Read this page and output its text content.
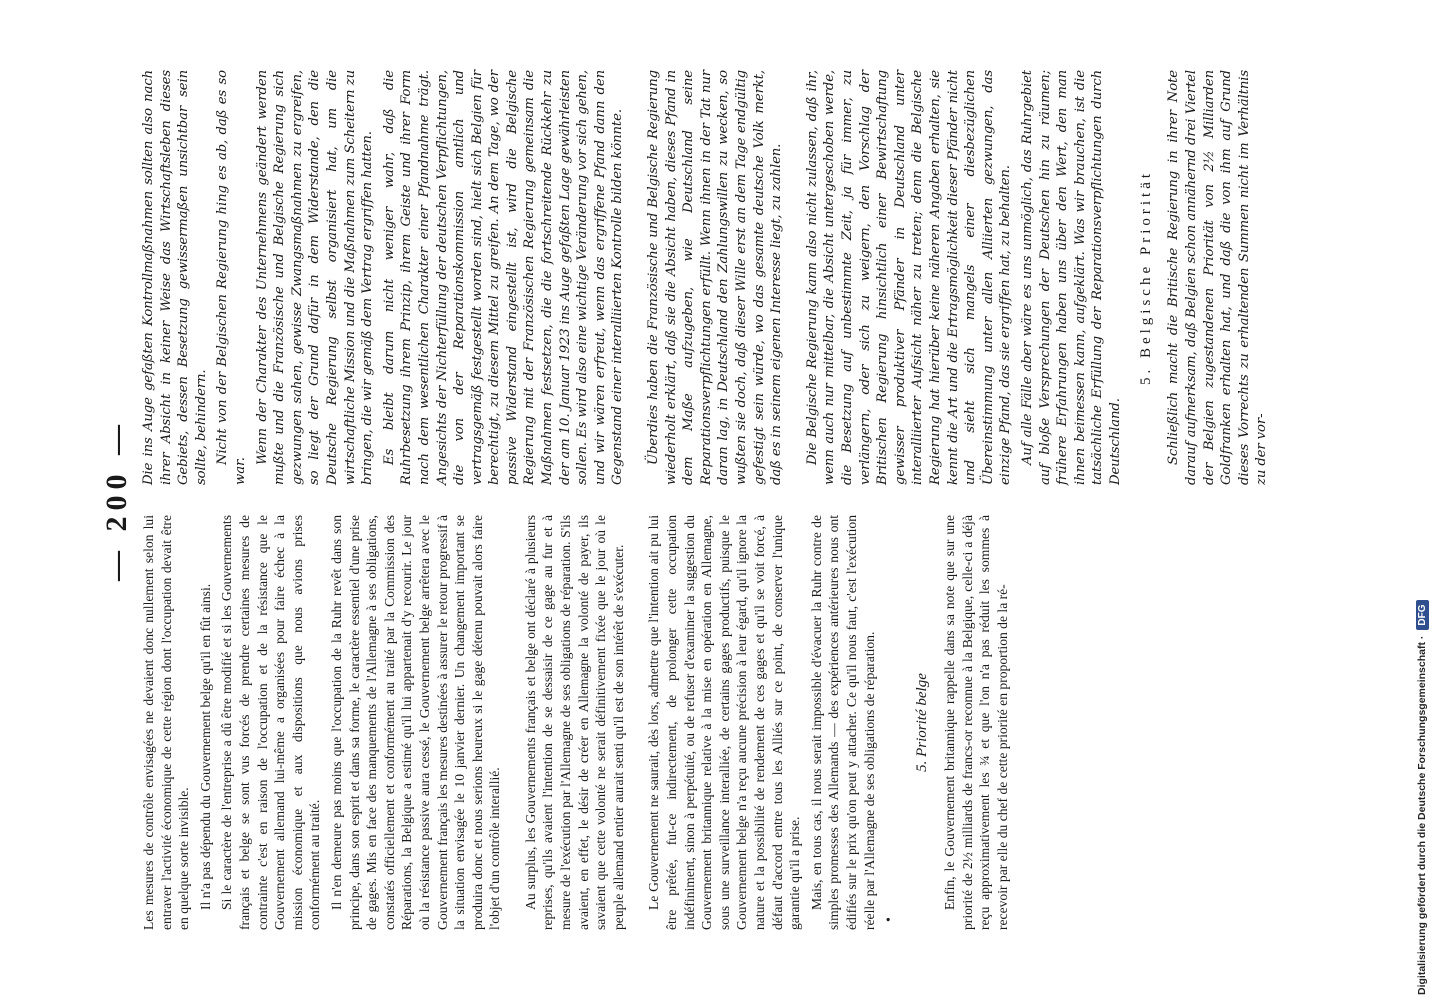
— 200 —

Les mesures de contrôle envisagées ne devaient donc nullement selon lui entraver l'activité économique de cette région dont l'occupation devait être en quelque sorte invisible. Il n'a pas dépendu du Gouvernement belge qu'il en fût ainsi. Si le caractère de l'entreprise a dû être modifié et si les Gouvernements français et belge se sont vus forcés de prendre certaines mesures de contrainte c'est en raison de l'occupation et de la résistance que le Gouvernement allemand lui-même a organisées pour faire échec à la mission économique et aux dispositions que nous avions prises conformément au traité. Il n'en demeure pas moins que l'occupation de la Ruhr revêt dans son principe, dans son esprit et dans sa forme, le caractère essentiel d'une prise de gages. Mis en face des manquements de l'Allemagne à ses obligations, constatés officiellement et conformément au traité par la Commission des Réparations, la Belgique a estimé qu'il lui appartenait d'y recourir. Le jour où la résistance passive aura cessé, le Gouvernement belge arrêtera avec le Gouvernement français les mesures destinées à assurer le retour progressif à la situation envisagée le 10 janvier dernier. Un changement important se produira donc et nous serions heureux si le gage détenu pouvait alors faire l'objet d'un contrôle interallié. Au surplus, les Gouvernements français et belge ont déclaré à plusieurs reprises, qu'ils avaient l'intention de se dessaisir de ce gage au fur et à mesure de l'exécution par l'Allemagne de ses obligations de réparation. S'ils avaient, en effet, le désir de créer en Allemagne la volonté de payer, ils savaient que cette volonté ne serait définitivement fixée que le jour où le peuple allemand entier aurait senti qu'il est de son intérêt de s'exécuter. Le Gouvernement ne saurait, dès lors, admettre que l'intention ait pu lui être prêtée, fut-ce indirectement, de prolonger cette occupation indéfiniment, sinon à perpétuité, ou de refuser d'examiner la suggestion du Gouvernement britannique relative à la mise en opération en Allemagne, sous une surveillance interalliée, de certains gages productifs, puisque le Gouvernement belge n'a reçu aucune précision à leur égard, qu'il ignore la nature et la possibilité de rendement de ces gages et qu'il se voit forcé, à défaut d'accord entre tous les Alliés sur ce point, de conserver l'unique garantie qu'il a prise. Mais, en tous cas, il nous serait impossible d'évacuer la Ruhr contre de simples promesses des Allemands — des expériences antérieures nous ont édifiés sur le prix qu'on peut y attacher. Ce qu'il nous faut, c'est l'exécution réelle par l'Allemagne de ses obligations de réparation. •
5. Priorité belge Enfin, le Gouvernement britannique rappelle dans sa note que sur une priorité de 2½ milliards de francs-or reconnue à la Belgique, celle-ci a déjà reçu approximativement les ¾ et que l'on n'a pas réduit les sommes à recevoir par elle du chef de cette priorité en proportion de la ré-

Die ins Auge gefaßten Kontrollmaßnahmen sollten also nach ihrer Absicht in keiner Weise das Wirtschaftsleben dieses Gebiets, dessen Besetzung gewissermaßen unsichtbar sein sollte, behindern. Nicht von der Belgischen Regierung hing es ab, daß es so war.

Wenn der Charakter des Unternehmens geändert werden mußte und die Französische und Belgische Regierung sich gezwungen sahen, gewisse Zwangsmaßnahmen zu ergreifen, so liegt der Grund dafür in dem Widerstande, den die Deutsche Regierung selbst organisiert hat, um die wirtschaftliche Mission und die Maßnahmen zum Scheitern zu bringen, die wir gemäß dem Vertrag ergriffen hatten. Es bleibt darum nicht weniger wahr, daß die Ruhrbesetzung ihrem Prinzip, ihrem Geiste und ihrer Form nach dem wesentlichen Charakter einer Pfandnahme trägt. Angesichts der Nichterfüllung der deutschen Verpflichtungen, die von der Reparationskommission amtlich und vertragsgemäß festgestellt worden sind, hielt sich Belgien für berechtigt, zu diesem Mittel zu greifen. An dem Tage, wo der passive Widerstand eingestellt ist, wird die Belgische Regierung mit der Französischen Regierung gemeinsam die Maßnahmen festsetzen, die die fortschreitende Rückkehr zu der am 10. Januar 1923 ins Auge gefaßten Lage gewährleisten sollen. Es wird also eine wichtige Veränderung vor sich gehen, und wir wären erfreut, wenn das ergriffene Pfand dann den Gegenstand einer interalliierten Kontrolle bilden könnte. Überdies haben die Französische und Belgische Regierung wiederholt erklärt, daß sie die Absicht haben, dieses Pfand in dem Maße aufzugeben, wie Deutschland seine Reparationsverpflichtungen erfüllt. Wenn ihnen in der Tat nur daran lag, in Deutschland den Zahlungswillen zu wecken, so wußten sie doch, daß dieser Wille erst an dem Tage endgültig gefestigt sein würde, wo das gesamte deutsche Volk merkt, daß es in seinem eigenen Interesse liegt, zu zahlen. Die Belgische Regierung kann also nicht zulassen, daß ihr, wenn auch nur mittelbar, die Absicht untergeschoben werde, die Besetzung auf unbestimmte Zeit, ja für immer, zu verlängern, oder sich zu weigern, den Vorschlag der Britischen Regierung hinsichtlich einer Bewirtschaftung gewisser produktiver Pfänder in Deutschland unter interalliierter Aufsicht näher zu treten; denn die Belgische Regierung hat hierüber keine näheren Angaben erhalten, sie kennt die Art und die Ertragsmöglichkeit dieser Pfänder nicht und sieht sich mangels einer diesbezüglichen Übereinstimmung unter allen Alliierten gezwungen, das einzige Pfand, das sie ergriffen hat, zu behalten. Auf alle Fälle aber wäre es uns unmöglich, das Ruhrgebiet auf bloße Versprechungen der Deutschen hin zu räumen; frühere Erfahrungen haben uns über den Wert, den man ihnen beimessen kann, aufgeklärt. Was wir brauchen, ist die tatsächliche Erfüllung der Reparationsverpflichtungen durch Deutschland.

5. Belgische Priorität Schließlich macht die Britische Regierung in ihrer Note darauf aufmerksam, daß Belgien schon annähernd drei Viertel der Belgien zugestandenen Priorität von 2½ Milliarden Goldfranken erhalten hat, und daß die von ihm auf Grund dieses Vorrechts zu erhaltenden Summen nicht im Verhältnis zu der vor-

Digitalisierung gefördert durch die Deutsche Forschungsgemeinschaft ·
DFG
